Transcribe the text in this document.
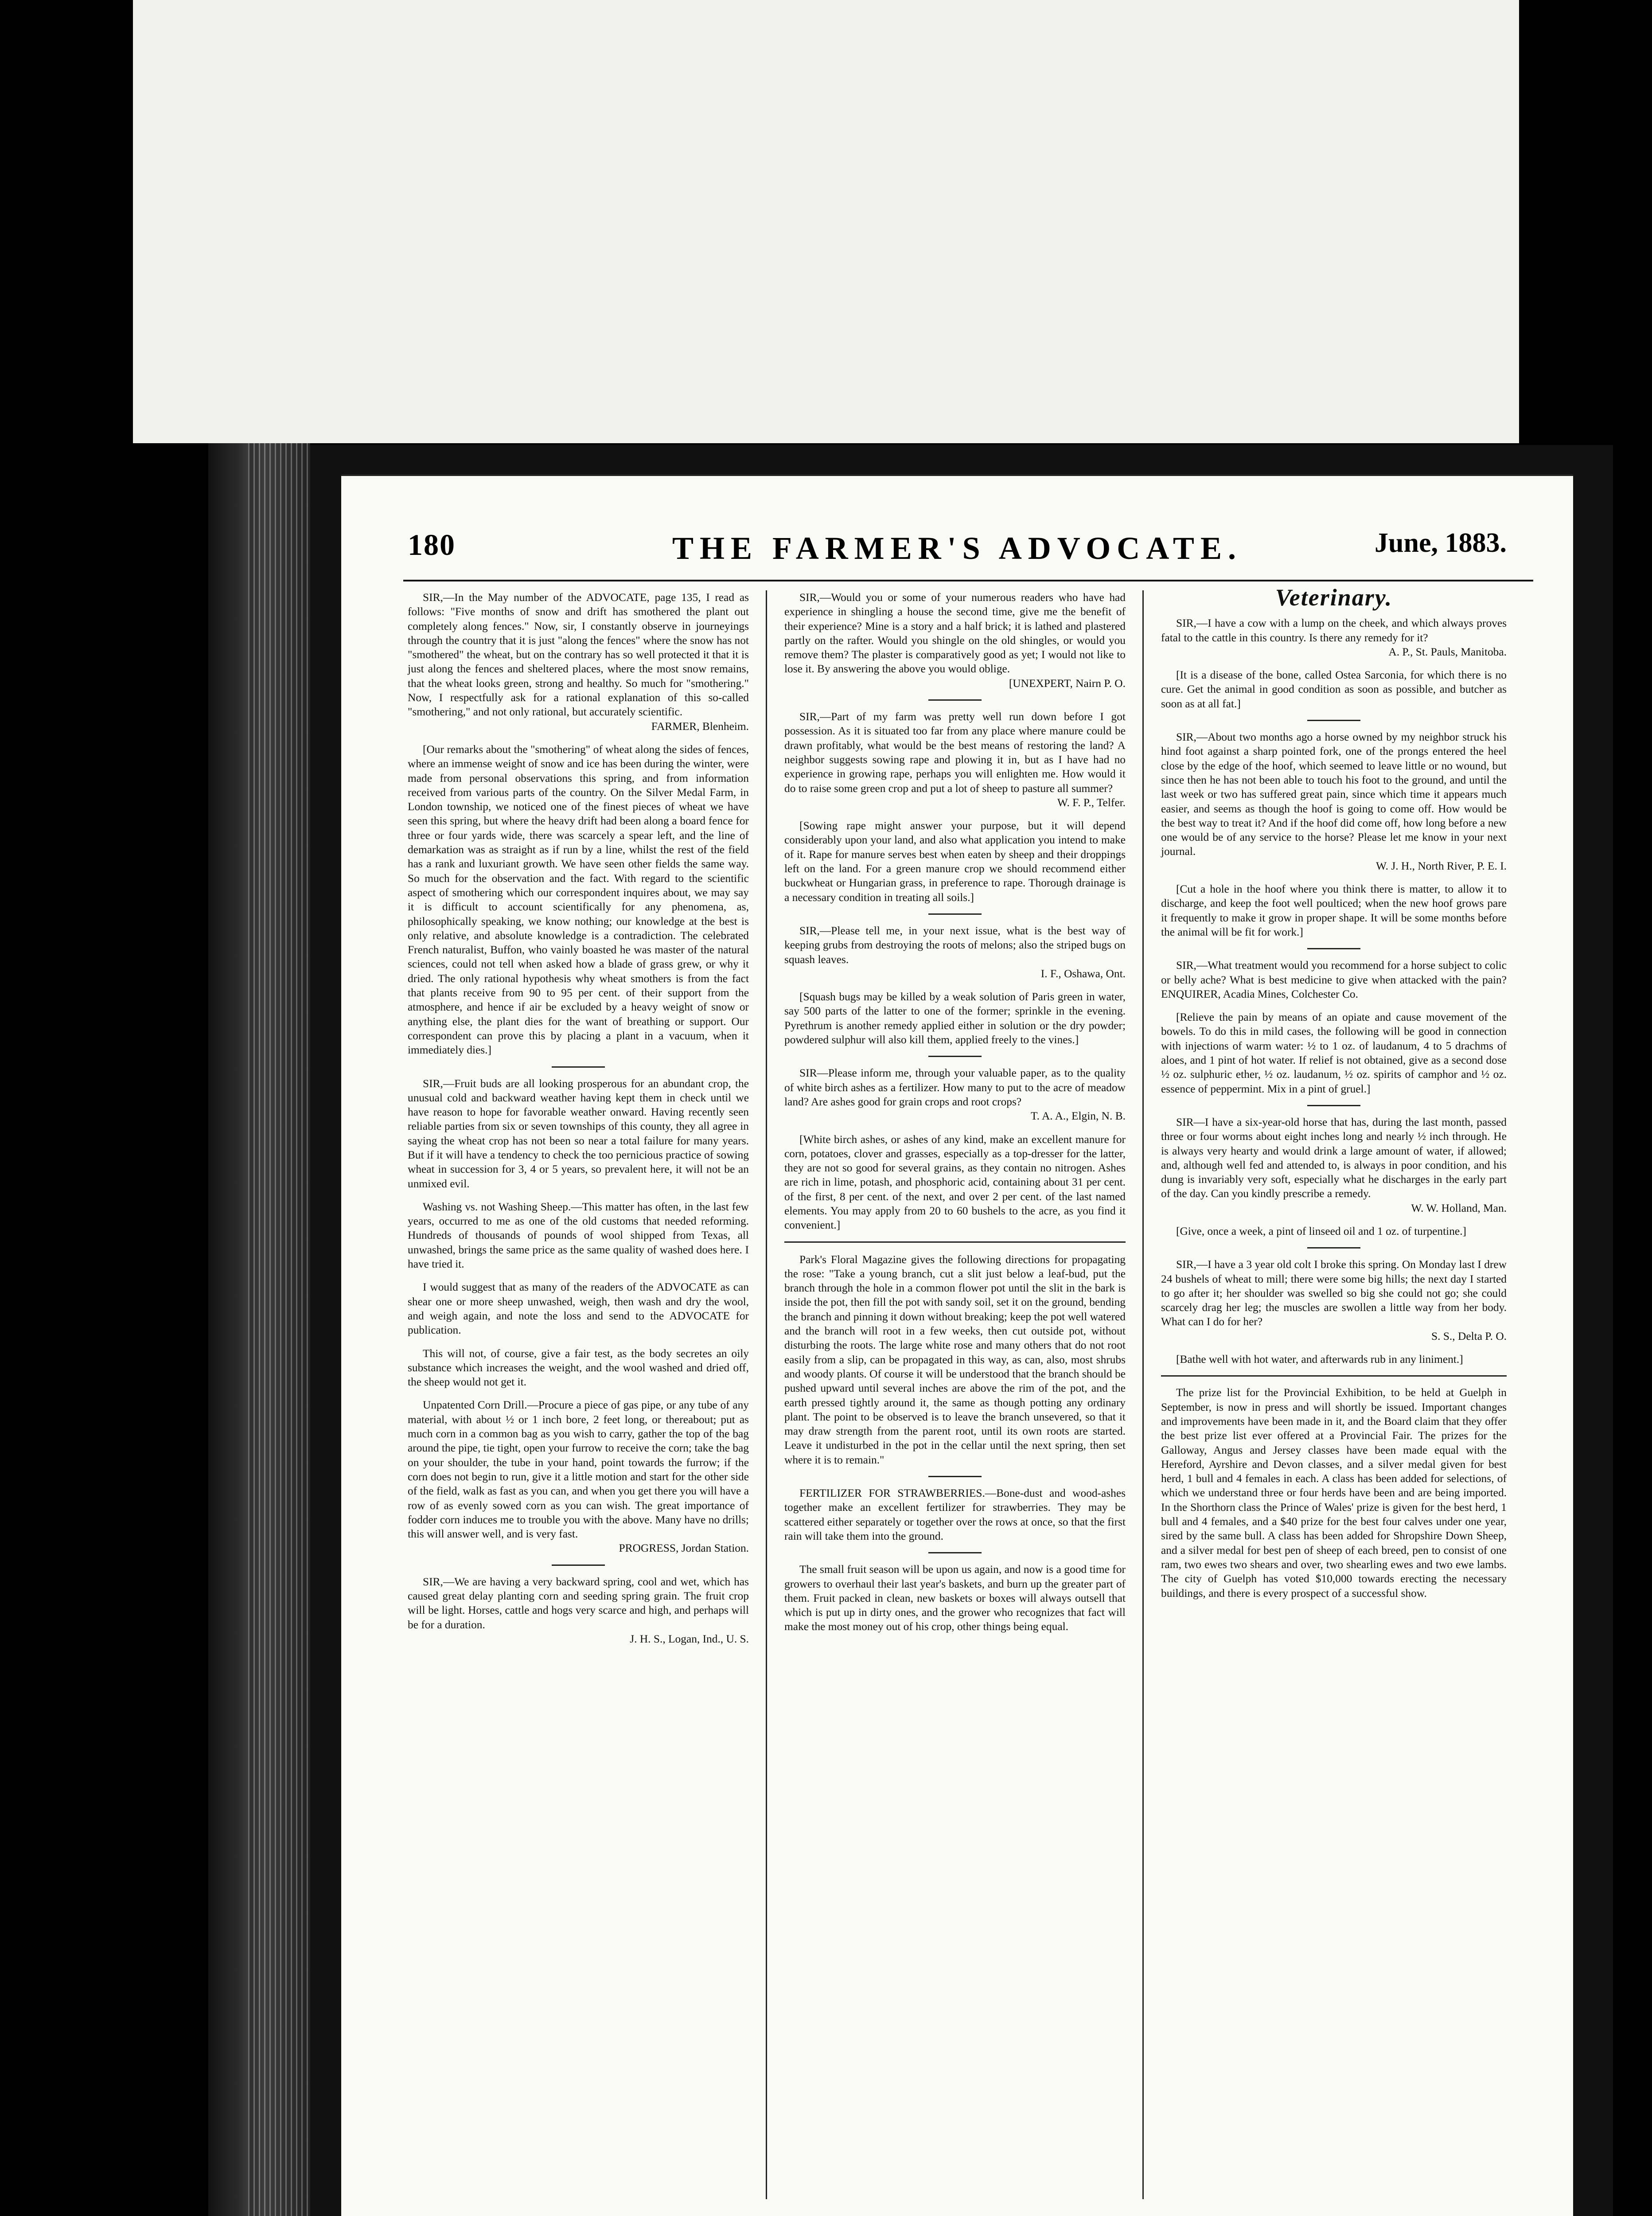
180	THE FARMER'S ADVOCATE.	June, 1883.

SIR,—In the May number of the ADVOCATE, page 135, I read as follows: "Five months of snow and drift has smothered the plant out completely along fences." Now, sir, I constantly observe in journeyings through the country that it is just "along the fences" where the snow has not "smothered" the wheat, but on the contrary has so well protected it that it is just along the fences and sheltered places, where the most snow remains, that the wheat looks green, strong and healthy. So much for "smothering." Now, I respectfully ask for a rational explanation of this so-called "smothering," and not only rational, but accurately scientific.

FARMER, Blenheim.

[Our remarks about the "smothering" of wheat along the sides of fences, where an immense weight of snow and ice has been during the winter, were made from personal observations this spring, and from information received from various parts of the country. On the Silver Medal Farm, in London township, we noticed one of the finest pieces of wheat we have seen this spring, but where the heavy drift had been along a board fence for three or four yards wide, there was scarcely a spear left, and the line of demarkation was as straight as if run by a line, whilst the rest of the field has a rank and luxuriant growth. We have seen other fields the same way. So much for the observation and the fact. With regard to the scientific aspect of smothering which our correspondent inquires about, we may say it is difficult to account scientifically for any phenomena, as, philosophically speaking, we know nothing; our knowledge at the best is only relative, and absolute knowledge is a contradiction. The celebrated French naturalist, Buffon, who vainly boasted he was master of the natural sciences, could not tell when asked how a blade of grass grew, or why it dried. The only rational hypothesis why wheat smothers is from the fact that plants receive from 90 to 95 per cent. of their support from the atmosphere, and hence if air be excluded by a heavy weight of snow or anything else, the plant dies for the want of breathing or support. Our correspondent can prove this by placing a plant in a vacuum, when it immediately dies.]

SIR,—Fruit buds are all looking prosperous for an abundant crop, the unusual cold and backward weather having kept them in check until we have reason to hope for favorable weather onward. Having recently seen reliable parties from six or seven townships of this county, they all agree in saying the wheat crop has not been so near a total failure for many years. But if it will have a tendency to check the too pernicious practice of sowing wheat in succession for 3, 4 or 5 years, so prevalent here, it will not be an unmixed evil.

Washing vs. not Washing Sheep.—This matter has often, in the last few years, occurred to me as one of the old customs that needed reforming. Hundreds of thousands of pounds of wool shipped from Texas, all unwashed, brings the same price as the same quality of washed does here. I have tried it.

I would suggest that as many of the readers of the ADVOCATE as can shear one or more sheep unwashed, weigh, then wash and dry the wool, and weigh again, and note the loss and send to the ADVOCATE for publication.

This will not, of course, give a fair test, as the body secretes an oily substance which increases the weight, and the wool washed and dried off, the sheep would not get it.

Unpatented Corn Drill.—Procure a piece of gas pipe, or any tube of any material, with about ½ or 1 inch bore, 2 feet long, or thereabout; put as much corn in a common bag as you wish to carry, gather the top of the bag around the pipe, tie tight, open your furrow to receive the corn; take the bag on your shoulder, the tube in your hand, point towards the furrow; if the corn does not begin to run, give it a little motion and start for the other side of the field, walk as fast as you can, and when you get there you will have a row of as evenly sowed corn as you can wish. The great importance of fodder corn induces me to trouble you with the above. Many have no drills; this will answer well, and is very fast.

PROGRESS, Jordan Station.

SIR,—We are having a very backward spring, cool and wet, which has caused great delay planting corn and seeding spring grain. The fruit crop will be light. Horses, cattle and hogs very scarce and high, and perhaps will be for a duration.

J. H. S., Logan, Ind., U. S.

SIR,—Would you or some of your numerous readers who have had experience in shingling a house the second time, give me the benefit of their experience? Mine is a story and a half brick; it is lathed and plastered partly on the rafter. Would you shingle on the old shingles, or would you remove them? The plaster is comparatively good as yet; I would not like to lose it. By answering the above you would oblige.

[UNEXPERT, Nairn P. O.

SIR,—Part of my farm was pretty well run down before I got possession. As it is situated too far from any place where manure could be drawn profitably, what would be the best means of restoring the land? A neighbor suggests sowing rape and plowing it in, but as I have had no experience in growing rape, perhaps you will enlighten me. How would it do to raise some green crop and put a lot of sheep to pasture all summer?

W. F. P., Telfer.

[Sowing rape might answer your purpose, but it will depend considerably upon your land, and also what application you intend to make of it. Rape for manure serves best when eaten by sheep and their droppings left on the land. For a green manure crop we should recommend either buckwheat or Hungarian grass, in preference to rape. Thorough drainage is a necessary condition in treating all soils.]

SIR,—Please tell me, in your next issue, what is the best way of keeping grubs from destroying the roots of melons; also the striped bugs on squash leaves.

I. F., Oshawa, Ont.

[Squash bugs may be killed by a weak solution of Paris green in water, say 500 parts of the latter to one of the former; sprinkle in the evening. Pyrethrum is another remedy applied either in solution or the dry powder; powdered sulphur will also kill them, applied freely to the vines.]

SIR—Please inform me, through your valuable paper, as to the quality of white birch ashes as a fertilizer. How many to put to the acre of meadow land? Are ashes good for grain crops and root crops?

T. A. A., Elgin, N. B.

[White birch ashes, or ashes of any kind, make an excellent manure for corn, potatoes, clover and grasses, especially as a top-dresser for the latter, they are not so good for several grains, as they contain no nitrogen. Ashes are rich in lime, potash, and phosphoric acid, containing about 31 per cent. of the first, 8 per cent. of the next, and over 2 per cent. of the last named elements. You may apply from 20 to 60 bushels to the acre, as you find it convenient.]

Park's Floral Magazine gives the following directions for propagating the rose: "Take a young branch, cut a slit just below a leaf-bud, put the branch through the hole in a common flower pot until the slit in the bark is inside the pot, then fill the pot with sandy soil, set it on the ground, bending the branch and pinning it down without breaking; keep the pot well watered and the branch will root in a few weeks, then cut outside pot, without disturbing the roots. The large white rose and many others that do not root easily from a slip, can be propagated in this way, as can, also, most shrubs and woody plants. Of course it will be understood that the branch should be pushed upward until several inches are above the rim of the pot, and the earth pressed tightly around it, the same as though potting any ordinary plant. The point to be observed is to leave the branch unsevered, so that it may draw strength from the parent root, until its own roots are started. Leave it undisturbed in the pot in the cellar until the next spring, then set where it is to remain."

FERTILIZER FOR STRAWBERRIES.—Bone-dust and wood-ashes together make an excellent fertilizer for strawberries. They may be scattered either separately or together over the rows at once, so that the first rain will take them into the ground.

The small fruit season will be upon us again, and now is a good time for growers to overhaul their last year's baskets, and burn up the greater part of them. Fruit packed in clean, new baskets or boxes will always outsell that which is put up in dirty ones, and the grower who recognizes that fact will make the most money out of his crop, other things being equal.

Veterinary.

SIR,—I have a cow with a lump on the cheek, and which always proves fatal to the cattle in this country. Is there any remedy for it?

A. P., St. Pauls, Manitoba.

[It is a disease of the bone, called Ostea Sarconia, for which there is no cure. Get the animal in good condition as soon as possible, and butcher as soon as at all fat.]

SIR,—About two months ago a horse owned by my neighbor struck his hind foot against a sharp pointed fork, one of the prongs entered the heel close by the edge of the hoof, which seemed to leave little or no wound, but since then he has not been able to touch his foot to the ground, and until the last week or two has suffered great pain, since which time it appears much easier, and seems as though the hoof is going to come off. How would be the best way to treat it? And if the hoof did come off, how long before a new one would be of any service to the horse? Please let me know in your next journal.

W. J. H., North River, P. E. I.

[Cut a hole in the hoof where you think there is matter, to allow it to discharge, and keep the foot well poulticed; when the new hoof grows pare it frequently to make it grow in proper shape. It will be some months before the animal will be fit for work.]

SIR,—What treatment would you recommend for a horse subject to colic or belly ache? What is best medicine to give when attacked with the pain? ENQUIRER, Acadia Mines, Colchester Co.

[Relieve the pain by means of an opiate and cause movement of the bowels. To do this in mild cases, the following will be good in connection with injections of warm water: ½ to 1 oz. of laudanum, 4 to 5 drachms of aloes, and 1 pint of hot water. If relief is not obtained, give as a second dose ½ oz. sulphuric ether, ½ oz. laudanum, ½ oz. spirits of camphor and ½ oz. essence of peppermint. Mix in a pint of gruel.]

SIR—I have a six-year-old horse that has, during the last month, passed three or four worms about eight inches long and nearly ½ inch through. He is always very hearty and would drink a large amount of water, if allowed; and, although well fed and attended to, is always in poor condition, and his dung is invariably very soft, especially what he discharges in the early part of the day. Can you kindly prescribe a remedy.

W. W. Holland, Man.

[Give, once a week, a pint of linseed oil and 1 oz. of turpentine.]

SIR,—I have a 3 year old colt I broke this spring. On Monday last I drew 24 bushels of wheat to mill; there were some big hills; the next day I started to go after it; her shoulder was swelled so big she could not go; she could scarcely drag her leg; the muscles are swollen a little way from her body. What can I do for her?

S. S., Delta P. O.

[Bathe well with hot water, and afterwards rub in any liniment.]

The prize list for the Provincial Exhibition, to be held at Guelph in September, is now in press and will shortly be issued. Important changes and improvements have been made in it, and the Board claim that they offer the best prize list ever offered at a Provincial Fair. The prizes for the Galloway, Angus and Jersey classes have been made equal with the Hereford, Ayrshire and Devon classes, and a silver medal given for best herd, 1 bull and 4 females in each. A class has been added for selections, of which we understand three or four herds have been and are being imported. In the Shorthorn class the Prince of Wales' prize is given for the best herd, 1 bull and 4 females, and a $40 prize for the best four calves under one year, sired by the same bull. A class has been added for Shropshire Down Sheep, and a silver medal for best pen of sheep of each breed, pen to consist of one ram, two ewes two shears and over, two shearling ewes and two ewe lambs. The city of Guelph has voted $10,000 towards erecting the necessary buildings, and there is every prospect of a successful show.
